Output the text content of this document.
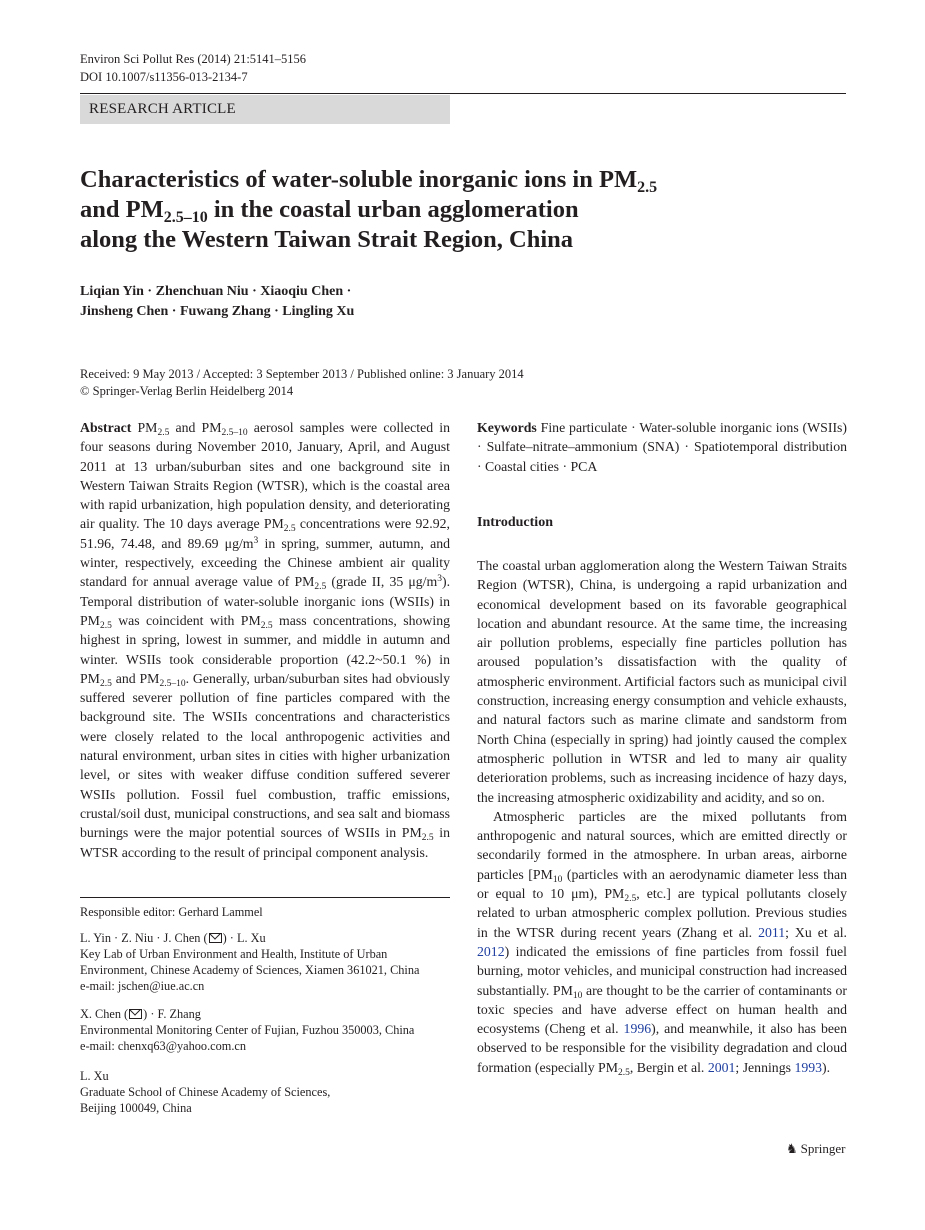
Environ Sci Pollut Res (2014) 21:5141–5156
DOI 10.1007/s11356-013-2134-7
RESEARCH ARTICLE
Characteristics of water-soluble inorganic ions in $PM_{2.5}$
and $PM_{2.5-10}$ in the coastal urban agglomeration
along the Western Taiwan Strait Region, China
Liqian Yin · Zhenchuan Niu · Xiaoqiu Chen ·
Jinsheng Chen · Fuwang Zhang · Lingling Xu
Received: 9 May 2013 / Accepted: 3 September 2013 / Published online: 3 January 2014
© Springer-Verlag Berlin Heidelberg 2014

Abstract $PM_{2.5}$ and $PM_{2.5-10}$ aerosol samples were collected in four seasons during November 2010, January, April, and August 2011 at 13 urban/suburban sites and one background site in Western Taiwan Straits Region (WTSR), which is the coastal area with rapid urbanization, high population density, and deteriorating air quality. The 10 days average $PM_{2.5}$ concentrations were 92.92, 51.96, 74.48, and 89.69 $\mu g/m^3$ in spring, summer, autumn, and winter, respectively, exceeding the Chinese ambient air quality standard for annual average value of $PM_{2.5}$ (grade II, 35 $\mu g/m^3$). Temporal distribution of water-soluble inorganic ions (WSIIs) in $PM_{2.5}$ was coincident with $PM_{2.5}$ mass concentrations, showing highest in spring, lowest in summer, and middle in autumn and winter. WSIIs took considerable proportion (42.2~50.1 %) in $PM_{2.5}$ and $PM_{2.5-10}$. Generally, urban/suburban sites had obviously suffered severer pollution of fine particles compared with the background site. The WSIIs concentrations and characteristics were closely related to the local anthropogenic activities and natural environment, urban sites in cities with higher urbanization level, or sites with weaker diffuse condition suffered severer WSIIs pollution. Fossil fuel combustion, traffic emissions, crustal/soil dust, municipal constructions, and sea salt and biomass burnings were the major potential sources of WSIIs in $PM_{2.5}$ in WTSR according to the result of principal component analysis.

Keywords Fine particulate · Water-soluble inorganic ions (WSIIs) · Sulfate–nitrate–ammonium (SNA) · Spatiotemporal distribution · Coastal cities · PCA

Introduction

The coastal urban agglomeration along the Western Taiwan Straits Region (WTSR), China, is undergoing a rapid urbanization and economical development based on its favorable geographical location and abundant resource. At the same time, the increasing air pollution problems, especially fine particles pollution has aroused population’s dissatisfaction with the quality of atmospheric environment. Artificial factors such as municipal civil construction, increasing energy consumption and vehicle exhausts, and natural factors such as marine climate and sandstorm from North China (especially in spring) had jointly caused the complex atmospheric pollution in WTSR and led to many air quality deterioration problems, such as increasing incidence of hazy days, the increasing atmospheric oxidizability and acidity, and so on.

Atmospheric particles are the mixed pollutants from anthropogenic and natural sources, which are emitted directly or secondarily formed in the atmosphere. In urban areas, airborne particles [$PM_{10}$ (particles with an aerodynamic diameter less than or equal to 10 μm), $PM_{2.5}$, etc.] are typical pollutants closely related to urban atmospheric complex pollution. Previous studies in the WTSR during recent years (Zhang et al. 2011; Xu et al. 2012) indicated the emissions of fine particles from fossil fuel burning, motor vehicles, and municipal construction had increased substantially. $PM_{10}$ are thought to be the carrier of contaminants or toxic species and have adverse effect on human health and ecosystems (Cheng et al. 1996), and meanwhile, it also has been observed to be responsible for the visibility degradation and cloud formation (especially $PM_{2.5}$, Bergin et al. 2001; Jennings 1993).

Responsible editor: Gerhard Lammel
L. Yin · Z. Niu · J. Chen ( ) · L. Xu
Key Lab of Urban Environment and Health, Institute of Urban Environment, Chinese Academy of Sciences, Xiamen 361021, China
e-mail: jschen@iue.ac.cn
X. Chen ( ) · F. Zhang
Environmental Monitoring Center of Fujian, Fuzhou 350003, China
e-mail: chenxq63@yahoo.com.cn
L. Xu
Graduate School of Chinese Academy of Sciences,
Beijing 100049, China
♞ Springer
